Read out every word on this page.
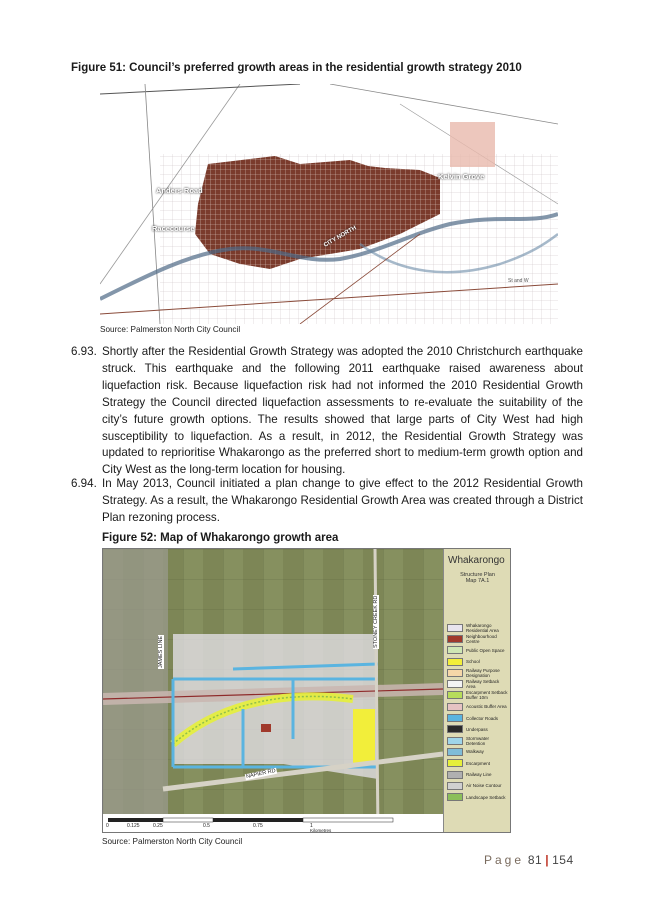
Figure 51: Council’s preferred growth areas in the residential growth strategy 2010
Anders Road
Racecourse
Kelvin Grove
CITY NORTH
St and W
Source: Palmerston North City Council
6.93. Shortly after the Residential Growth Strategy was adopted the 2010 Christchurch earthquake struck. This earthquake and the following 2011 earthquake raised awareness about liquefaction risk. Because liquefaction risk had not informed the 2010 Residential Growth Strategy the Council directed liquefaction assessments to re-evaluate the suitability of the city’s future growth options. The results showed that large parts of City West had high susceptibility to liquefaction. As a result, in 2012, the Residential Growth Strategy was updated to reprioritise Whakarongo as the preferred short to medium-term growth option and City West as the long-term location for housing.
6.94. In May 2013, Council initiated a plan change to give effect to the 2012 Residential Growth Strategy. As a result, the Whakarongo Residential Growth Area was created through a District Plan rezoning process.
Figure 52: Map of Whakarongo growth area
JAMES LINE
STONEY CREEK RD
NAPIER RD
0	0.125	0.25	0.5	0.75	1
Kilometres
Whakarongo
Structure Plan
Map 7A.1
Whakarongo Residential Area
Neighbourhood Centre
Public Open Space
School
Railway Purpose Designation
Railway Setback Area
Escarpment Setback Buffer 10m
Acoustic Buffer Area
Collector Roads
Underpass
Stormwater Detention
Walkway
Escarpment
Railway Line
Air Noise Contour
Landscape Setback
Source: Palmerston North City Council
Page 81 | 154
